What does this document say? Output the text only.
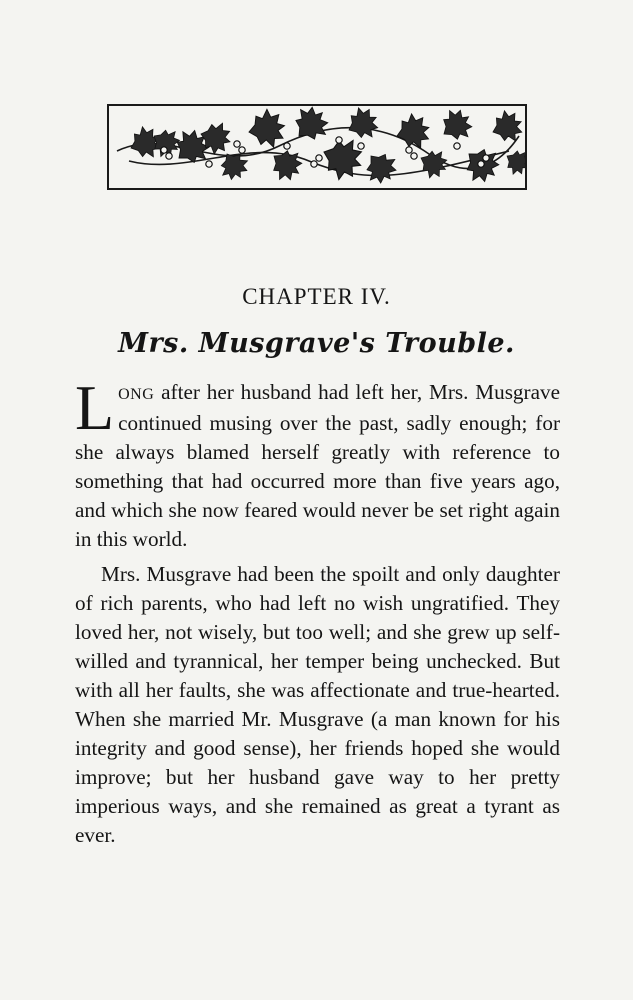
CHAPTER IV.
Mrs. Musgrave's Trouble.

LONG after her husband had left her, Mrs. Musgrave continued musing over the past, sadly enough; for she always blamed herself greatly with reference to something that had occurred more than five years ago, and which she now feared would never be set right again in this world.

Mrs. Musgrave had been the spoilt and only daughter of rich parents, who had left no wish ungratified. They loved her, not wisely, but too well; and she grew up self-willed and tyrannical, her temper being unchecked. But with all her faults, she was affectionate and true-hearted. When she married Mr. Musgrave (a man known for his integrity and good sense), her friends hoped she would improve; but her husband gave way to her pretty imperious ways, and she remained as great a tyrant as ever.
